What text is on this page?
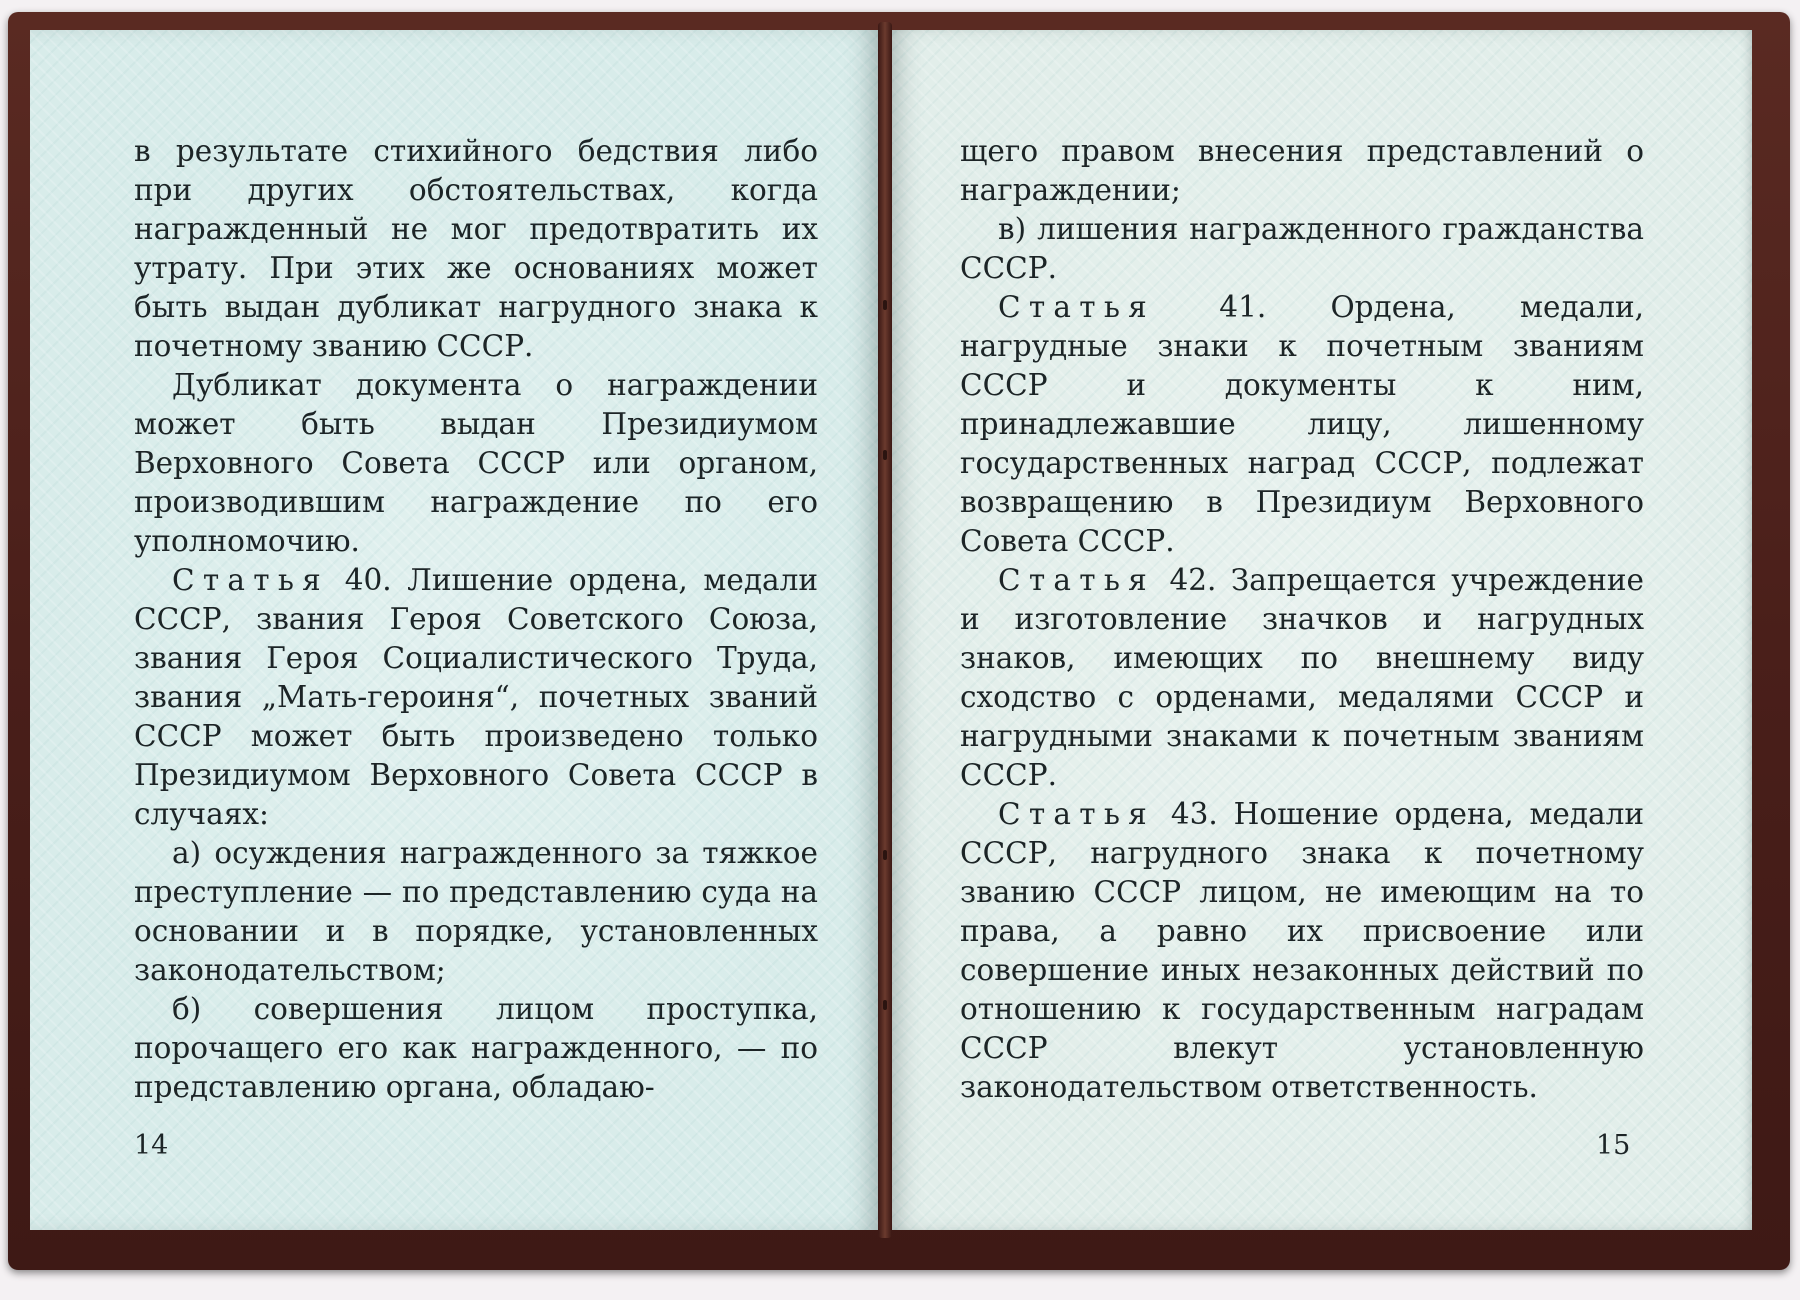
в результате стихийного бедствия либо при других обстоятельствах, когда награжденный не мог предотвратить их утрату. При этих же основаниях может быть выдан дубликат нагрудного знака к почетному званию СССР.

Дубликат документа о награждении может быть выдан Президиумом Верховного Совета СССР или органом, производившим награждение по его уполномочию.

Статья 40. Лишение ордена, медали СССР, звания Героя Советского Союза, звания Героя Социалистического Труда, звания „Мать-героиня“, почетных званий СССР может быть произведено только Президиумом Верховного Совета СССР в случаях:

а) осуждения награжденного за тяжкое преступление — по представлению суда на основании и в порядке, установленных законодательством;

б) совершения лицом проступка, порочащего его как награжденного, — по представлению органа, обладаю-

14

щего правом внесения представлений о награждении;

в) лишения награжденного гражданства СССР.

Статья 41. Ордена, медали, нагрудные знаки к почетным званиям СССР и документы к ним, принадлежавшие лицу, лишенному государственных наград СССР, подлежат возвращению в Президиум Верховного Совета СССР.

Статья 42. Запрещается учреждение и изготовление значков и нагрудных знаков, имеющих по внешнему виду сходство с орденами, медалями СССР и нагрудными знаками к почетным званиям СССР.

Статья 43. Ношение ордена, медали СССР, нагрудного знака к почетному званию СССР лицом, не имеющим на то права, а равно их присвоение или совершение иных незаконных действий по отношению к государственным наградам СССР влекут установленную законодательством ответственность.

15
